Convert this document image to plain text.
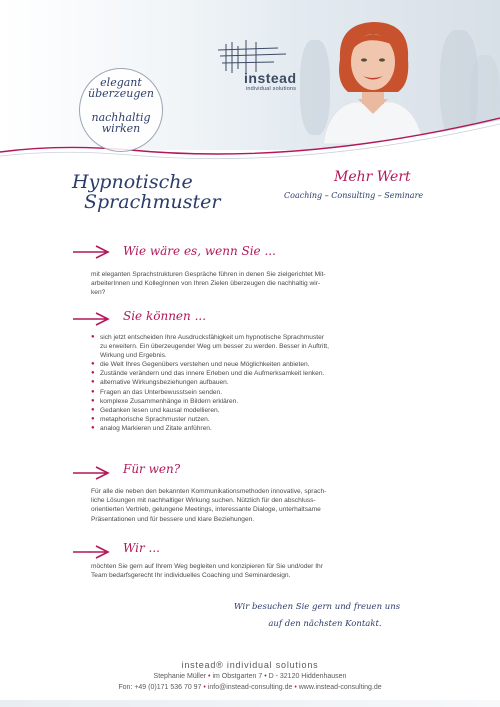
instead
individual solutions
elegant
überzeugen
nachhaltig
wirken
Hypnotische
Sprachmuster
Mehr Wert
Coaching – Consulting – Seminare
Wie wäre es, wenn Sie ...
mit eleganten Sprachstrukturen Gespräche führen in denen Sie zielgerichtet Mit-
arbeiterInnen und KollegInnen von Ihren Zielen überzeugen die nachhaltig wir-
ken?
Sie können ...
● sich jetzt entscheiden Ihre Ausdrucksfähigkeit um hypnotische Sprachmuster
zu erweitern. Ein überzeugender Weg um besser zu werden. Besser in Auftritt,
Wirkung und Ergebnis.
● die Welt Ihres Gegenübers verstehen und neue Möglichkeiten anbieten.
● Zustände verändern und das innere Erleben und die Aufmerksamkeit lenken.
● alternative Wirkungsbeziehungen aufbauen.
● Fragen an das Unterbewusstsein senden.
● komplexe Zusammenhänge in Bildern erklären.
● Gedanken lesen und kausal modellieren.
● metaphorische Sprachmuster nutzen.
● analog Markieren und Zitate anführen.
Für wen?
Für alle die neben den bekannten Kommunikationsmethoden innovative, sprach-
liche Lösungen mit nachhaltiger Wirkung suchen. Nützlich für den abschluss-
orientierten Vertrieb, gelungene Meetings, interessante Dialoge, unterhaltsame
Präsentationen und für bessere und klare Beziehungen.
Wir ...
möchten Sie gern auf Ihrem Weg begleiten und konzipieren für Sie und/oder Ihr
Team bedarfsgerecht Ihr individuelles Coaching und Seminardesign.
Wir besuchen Sie gern und freuen uns
auf den nächsten Kontakt.
instead® individual solutions
Stephanie Müller • im Obstgarten 7 • D - 32120 Hiddenhausen
Fon: +49 (0)171 536 70 97 • info@instead-consulting.de • www.instead-consulting.de
